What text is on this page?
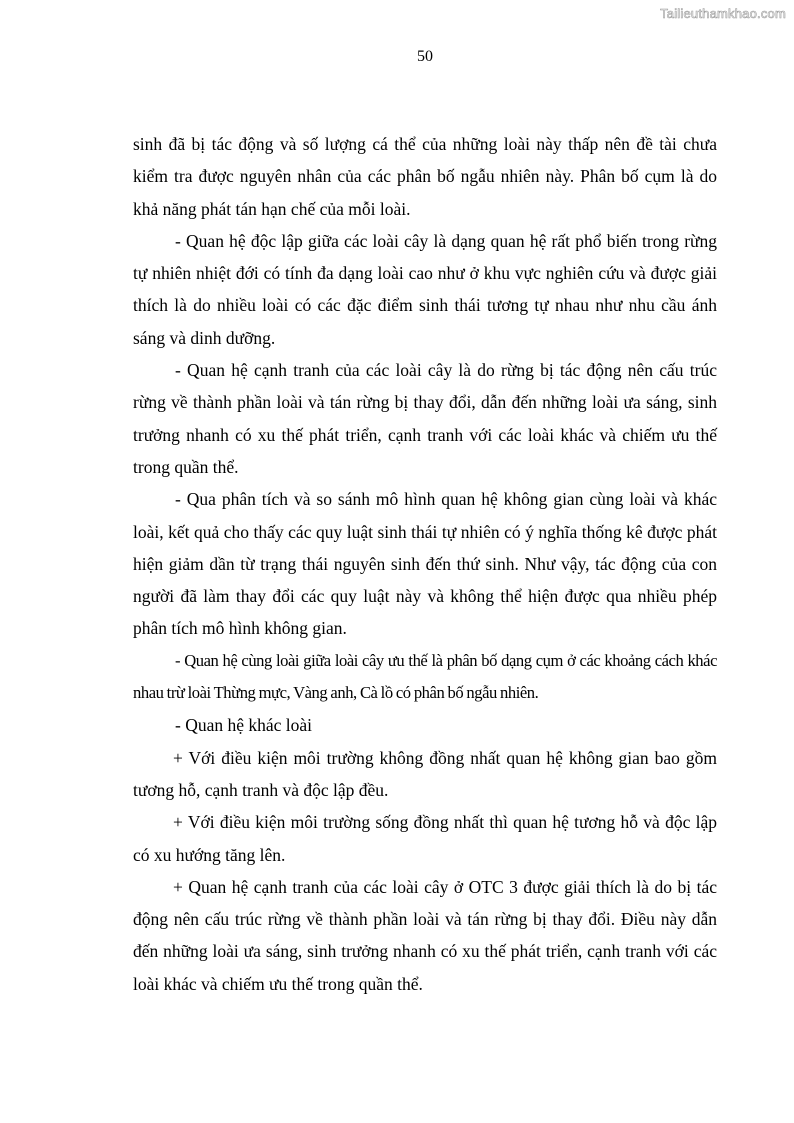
Tailieuthamkhao.com
50

sinh đã bị tác động và số lượng cá thể của những loài này thấp nên đề tài chưa kiểm tra được nguyên nhân của các phân bố ngẫu nhiên này. Phân bố cụm là do khả năng phát tán hạn chế của mỗi loài.

- Quan hệ độc lập giữa các loài cây là dạng quan hệ rất phổ biến trong rừng tự nhiên nhiệt đới có tính đa dạng loài cao như ở khu vực nghiên cứu và được giải thích là do nhiều loài có các đặc điểm sinh thái tương tự nhau như nhu cầu ánh sáng và dinh dưỡng.

- Quan hệ cạnh tranh của các loài cây là do rừng bị tác động nên cấu trúc rừng về thành phần loài và tán rừng bị thay đổi, dẫn đến những loài ưa sáng, sinh trưởng nhanh có xu thế phát triển, cạnh tranh với các loài khác và chiếm ưu thế trong quần thể.

- Qua phân tích và so sánh mô hình quan hệ không gian cùng loài và khác loài, kết quả cho thấy các quy luật sinh thái tự nhiên có ý nghĩa thống kê được phát hiện giảm dần từ trạng thái nguyên sinh đến thứ sinh. Như vậy, tác động của con người đã làm thay đổi các quy luật này và không thể hiện được qua nhiều phép phân tích mô hình không gian.

- Quan hệ cùng loài giữa loài cây ưu thế là phân bố dạng cụm ở các khoảng cách khác nhau trừ loài Thừng mực, Vàng anh, Cà lồ có phân bố ngẫu nhiên.

- Quan hệ khác loài

+ Với điều kiện môi trường không đồng nhất quan hệ không gian bao gồm tương hỗ, cạnh tranh và độc lập đều.

+ Với điều kiện môi trường sống đồng nhất thì quan hệ tương hỗ và độc lập có xu hướng tăng lên.

+ Quan hệ cạnh tranh của các loài cây ở OTC 3 được giải thích là do bị tác động nên cấu trúc rừng về thành phần loài và tán rừng bị thay đổi. Điều này dẫn đến những loài ưa sáng, sinh trưởng nhanh có xu thế phát triển, cạnh tranh với các loài khác và chiếm ưu thế trong quần thể.
